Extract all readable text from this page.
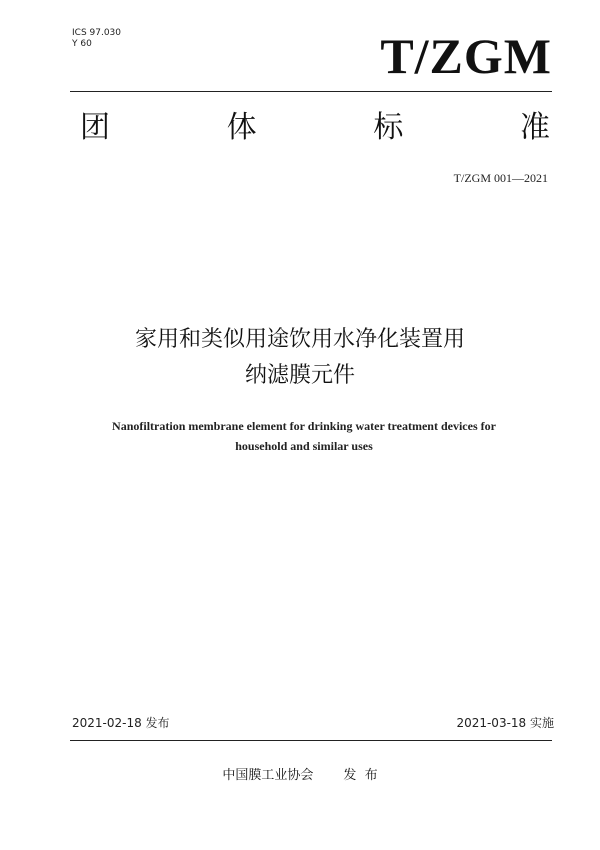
ICS 97.030
Y 60	T/ZGM
团	体	标	准
T/ZGM 001—2021
家用和类似用途饮用水净化装置用
纳滤膜元件
Nanofiltration membrane element for drinking water treatment devices for
household and similar uses
2021-02-18 发布	2021-03-18 实施
中国膜工业协会 发  布
